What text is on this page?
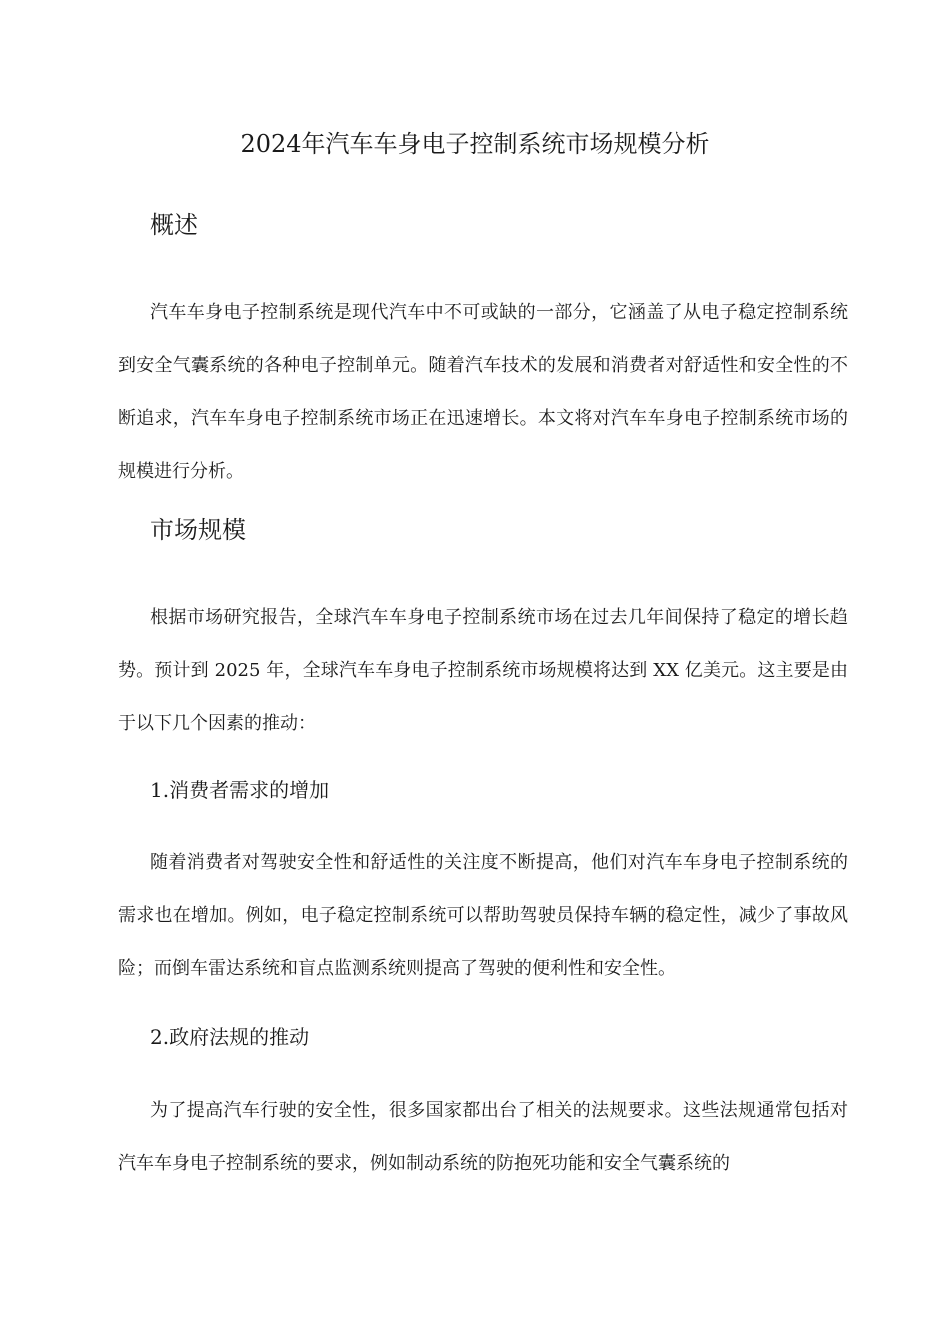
2024年汽车车身电子控制系统市场规模分析
概述

汽车车身电子控制系统是现代汽车中不可或缺的一部分，它涵盖了从电子稳定控制系统到安全气囊系统的各种电子控制单元。随着汽车技术的发展和消费者对舒适性和安全性的不断追求，汽车车身电子控制系统市场正在迅速增长。本文将对汽车车身电子控制系统市场的规模进行分析。

市场规模

根据市场研究报告，全球汽车车身电子控制系统市场在过去几年间保持了稳定的增长趋势。预计到 2025 年，全球汽车车身电子控制系统市场规模将达到 XX 亿美元。这主要是由于以下几个因素的推动：

1.消费者需求的增加

随着消费者对驾驶安全性和舒适性的关注度不断提高，他们对汽车车身电子控制系统的需求也在增加。例如，电子稳定控制系统可以帮助驾驶员保持车辆的稳定性，减少了事故风险；而倒车雷达系统和盲点监测系统则提高了驾驶的便利性和安全性。

2.政府法规的推动

为了提高汽车行驶的安全性，很多国家都出台了相关的法规要求。这些法规通常包括对汽车车身电子控制系统的要求，例如制动系统的防抱死功能和安全气囊系统的
